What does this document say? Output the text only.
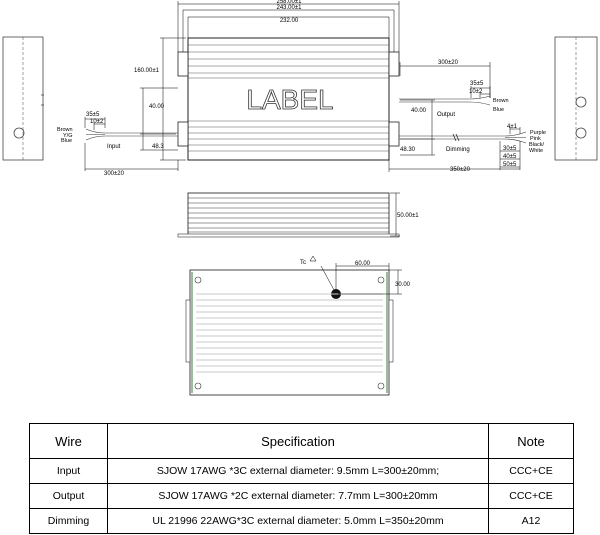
LABEL
258.00±1
243.00±1
232.00
160.00±1
40.00
48.3
35±5
10±2
Brown
Y/G
Blue
Input
300±20
300±20
35±5
10±2
Brown
Blue
Output
40.00
48.30	Dimming
Purple
Pink
Black/
White
4±1
30±5
40±5
50±5
350±20
50.00±1
Tc	60.00
30.00
Wire	Specification	Note
Input	SJOW 17AWG *3C external diameter: 9.5mm L=300±20mm;	CCC+CE
Output	SJOW 17AWG *2C external diameter: 7.7mm L=300±20mm	CCC+CE
Dimming	UL 21996 22AWG*3C external diameter: 5.0mm L=350±20mm	A12
